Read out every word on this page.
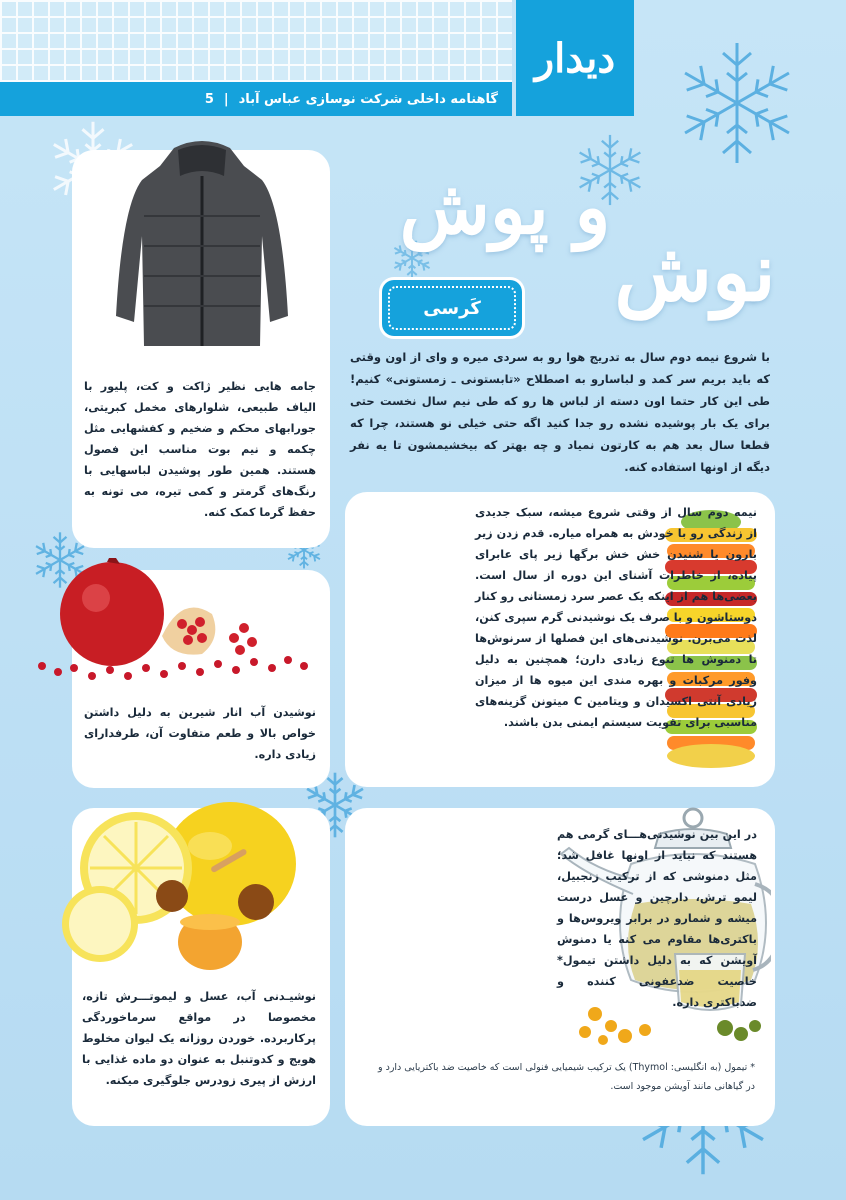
گاهنامه داخلی شرکت نوسازی عباس آباد
|
5
دیدار
و پوش
نوش
کَرسی
با شروع نیمه دوم سال به تدریج هوا رو به سردی میره و وای از اون وقتی که باید بریم سر کمد و لباسارو به اصطلاح «تابستونی ـ زمستونی» کنیم! طی این کار حتما اون دسته از لباس ها رو که طی نیم سال نخست حتی برای یک بار پوشیده نشده رو جدا کنید اگه حتی خیلی نو هستند، چرا که قطعا سال بعد هم به کارتون نمیاد و چه بهتر که بیخشیمشون تا یه نفر دیگه از اونها استفاده کنه.
جامه هایی نظیر ژاکت و کت، پلیور با الیاف طبیعی، شلوارهای مخمل کبریتی، جورابهای محکم و ضخیم و کفشهایی مثل چکمه و نیم بوت مناسب این فصول هستند. همین طور پوشیدن لباسهایی با رنگ‌های گرمتر و کمی تیره، می تونه به حفظ گرما کمک کنه.
نوشیدن آب انار شیرین به دلیل داشتن خواص بالا و طعم متفاوت آن، طرفدارای زیادی داره.
نیمه دوم سال از وقتی شروع میشه، سبک جدیدی از زندگی رو با خودش به همراه میاره. قدم زدن زیر بارون یا شنیدن خش خش برگها زیر پای عابرای پیاده، از خاطرات آشنای این دوره از سال است. بعضی‌ها هم از اینکه یک عصر سرد زمستانی رو کنار دوستاشون و با صرف یک نوشیدنی گرم سپری کنن، لذت می‌برن. نوشیدنی‌های این فصلها از سرنوش‌ها تا دمنوش ها تنوع زیادی دارن؛ همچنین به دلیل وفور مرکبات و بهره مندی این میوه ها از میزان زیادی آنتی اکسیدان و ویتامین C میتونن گزینه‌های مناسبی برای تقویت سیستم ایمنی بدن باشند.
نوشیـدنی آب، عسل و لیموتـــرش تازه، مخصوصا در مواقع سرماخوردگی پرکاربرده. خوردن روزانه یک لیوان مخلوط هویج و کدوتنبل به عنوان دو ماده غذایی با ارزش از پیری زودرس جلوگیری میکنه.
در این بین نوشیدنی‌هـــای گرمی هم هستند که نباید از اونها غافل شد؛ مثل دمنوشی که از ترکیب زنجبیل، لیمو ترش، دارچین و عسل درست میشه و شمارو در برابر ویروس‌ها و باکتری‌ها مقاوم می کنه یا دمنوش آویشن که به دلیل داشتن تیمول* خاصیت ضدعفونی کننده و ضدباکتری داره.
* تیمول (به انگلیسی: Thymol) یک ترکیب شیمیایی فنولی است که خاصیت ضد باکتریایی دارد و در گیاهانی مانند آویشن موجود است.
